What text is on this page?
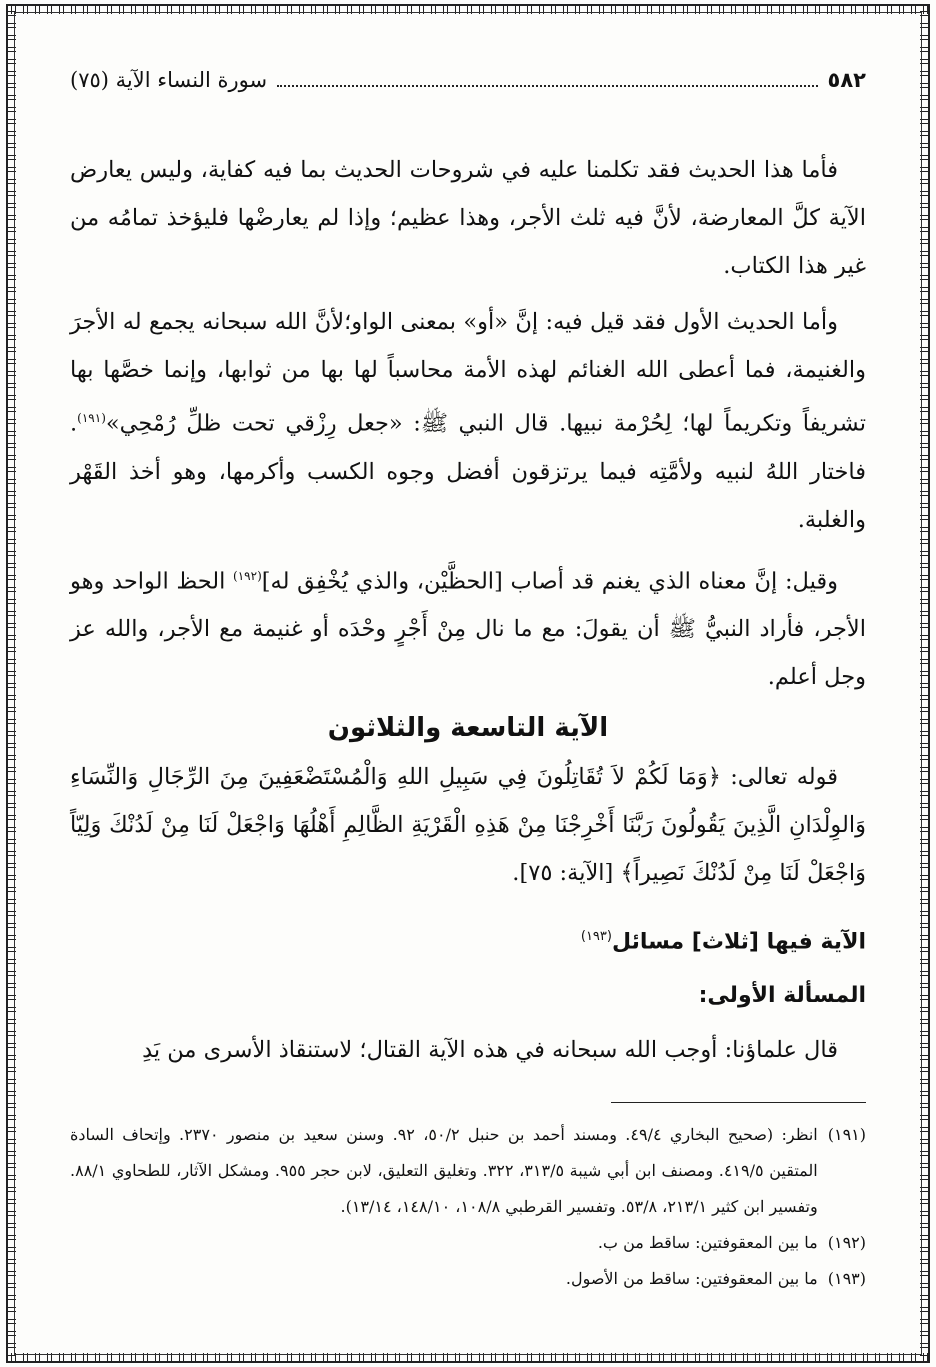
٥٨٢
سورة النساء الآية (٧٥)

فأما هذا الحديث فقد تكلمنا عليه في شروحات الحديث بما فيه كفاية، وليس يعارض الآية كلَّ المعارضة، لأنَّ فيه ثلث الأجر، وهذا عظيم؛ وإذا لم يعارضْها فليؤخذ تمامُه من غير هذا الكتاب.

وأما الحديث الأول فقد قيل فيه: إنَّ «أو» بمعنى الواو؛لأنَّ الله سبحانه يجمع له الأجرَ والغنيمة، فما أعطى الله الغنائم لهذه الأمة محاسباً لها بها من ثوابها، وإنما خصَّها بها تشريفاً وتكريماً لها؛ لِحُرْمة نبيها. قال النبي ﷺ: «جعل رِزْقي تحت ظلِّ رُمْحِي»$^{(١٩١)}$. فاختار اللهُ لنبيه ولأمَّتِه فيما يرتزقون أفضل وجوه الكسب وأكرمها، وهو أخذ القَهْر والغلبة.

وقيل: إنَّ معناه الذي يغنم قد أصاب [الحظَّيْن، والذي يُخْفِق له]$^{(١٩٢)}$ الحظ الواحد وهو الأجر، فأراد النبيُّ ﷺ أن يقولَ: مع ما نال مِنْ أَجْرٍ وحْدَه أو غنيمة مع الأجر، والله عز وجل أعلم.

الآية التاسعة والثلاثون

قوله تعالى: ﴿وَمَا لَكُمْ لاَ تُقَاتِلُونَ فِي سَبِيلِ اللهِ وَالْمُسْتَضْعَفِينَ مِنَ الرِّجَالِ وَالنِّسَاءِ وَالوِلْدَانِ الَّذِينَ يَقُولُونَ رَبَّنَا أَخْرِجْنَا مِنْ هَذِهِ الْقَرْيَةِ الظَّالِمِ أَهْلُهَا وَاجْعَلْ لَنَا مِنْ لَدُنْكَ وَلِيّاً وَاجْعَلْ لَنَا مِنْ لَدُنْكَ نَصِيراً﴾ [الآية: ٧٥].

الآية فيها [ثلاث] مسائل$^{(١٩٣)}$
المسألة الأولى:

قال علماؤنا: أوجب الله سبحانه في هذه الآية القتال؛ لاستنقاذ الأسرى من يَدِ

(١٩١)
انظر: (صحيح البخاري ٤٩/٤. ومسند أحمد بن حنبل ٥٠/٢، ٩٢. وسنن سعيد بن منصور ٢٣٧٠. وإتحاف السادة المتقين ٤١٩/٥. ومصنف ابن أبي شيبة ٣١٣/٥، ٣٢٢. وتغليق التعليق، لابن حجر ٩٥٥. ومشكل الآثار، للطحاوي ٨٨/١. وتفسير ابن كثير ٢١٣/١، ٥٣/٨. وتفسير القرطبي ١٠٨/٨، ١٤٨/١٠، ١٣/١٤).
(١٩٢)
ما بين المعقوفتين: ساقط من ب.
(١٩٣)
ما بين المعقوفتين: ساقط من الأصول.
